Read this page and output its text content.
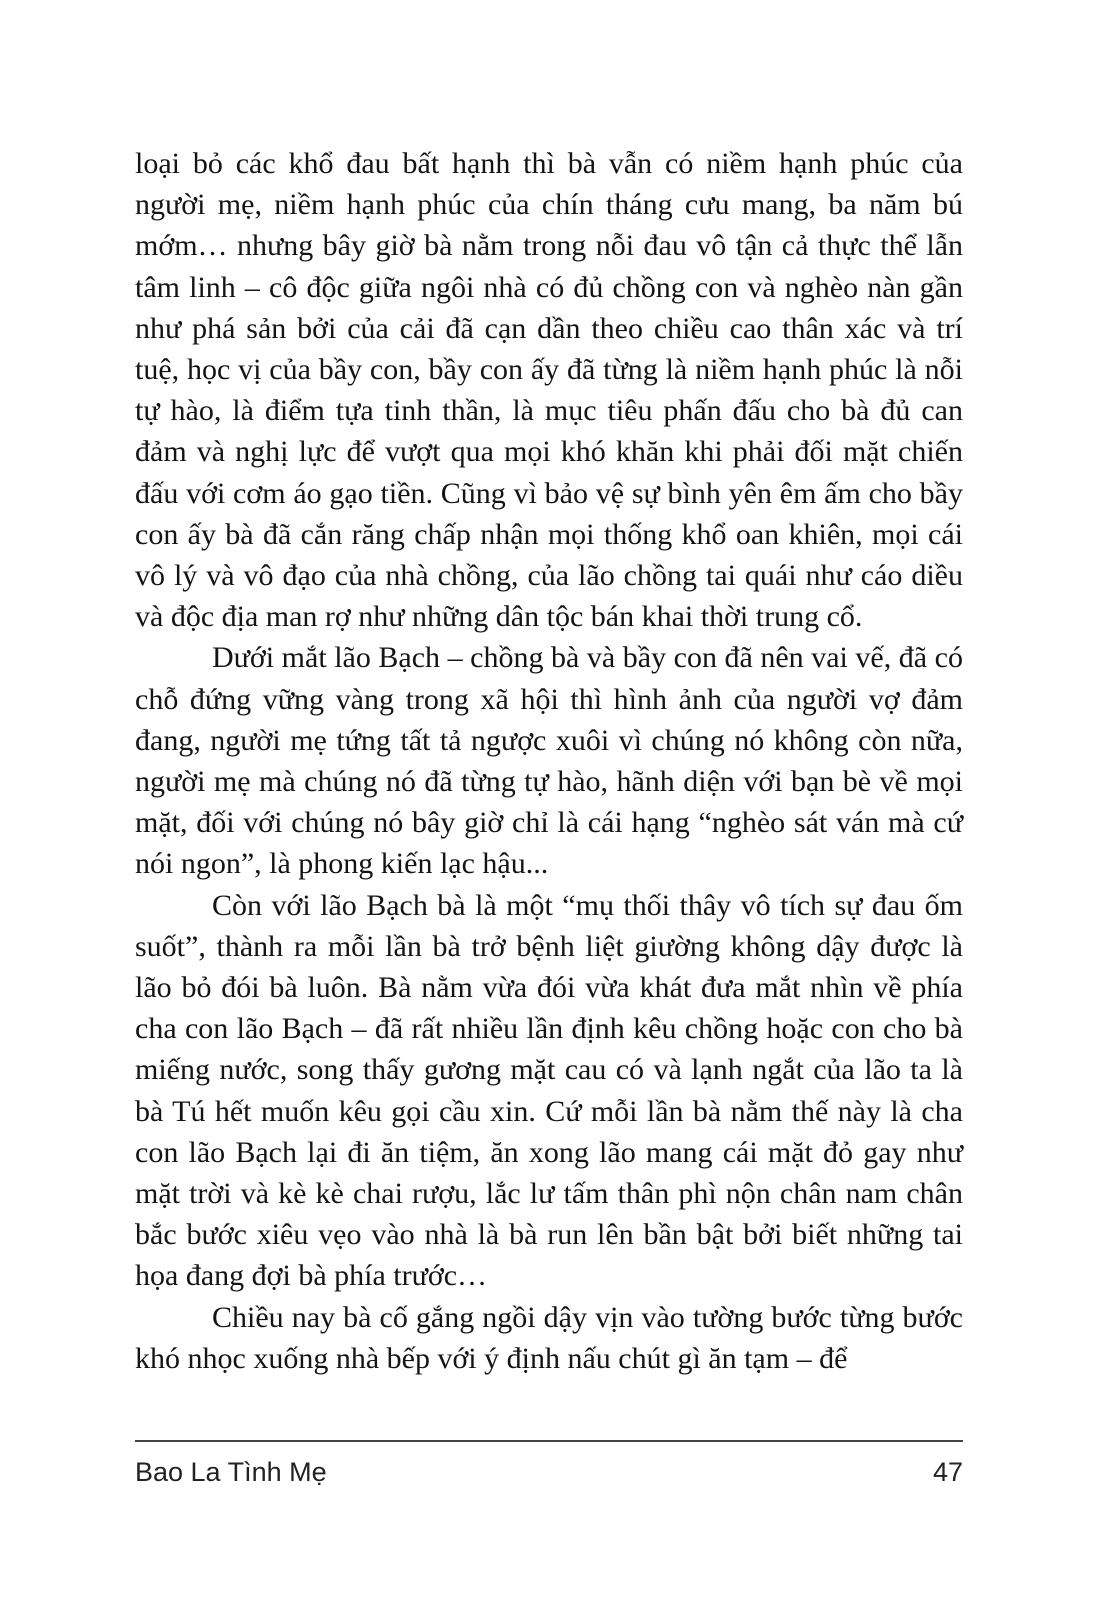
loại bỏ các khổ đau bất hạnh thì bà vẫn có niềm hạnh phúc của người mẹ, niềm hạnh phúc của chín tháng cưu mang, ba năm bú mớm… nhưng bây giờ bà nằm trong nỗi đau vô tận cả thực thể lẫn tâm linh – cô độc giữa ngôi nhà có đủ chồng con và nghèo nàn gần như phá sản bởi của cải đã cạn dần theo chiều cao thân xác và trí tuệ, học vị của bầy con, bầy con ấy đã từng là niềm hạnh phúc là nỗi tự hào, là điểm tựa tinh thần, là mục tiêu phấn đấu cho bà đủ can đảm và nghị lực để vượt qua mọi khó khăn khi phải đối mặt chiến đấu với cơm áo gạo tiền. Cũng vì bảo vệ sự bình yên êm ấm cho bầy con ấy bà đã cắn răng chấp nhận mọi thống khổ oan khiên, mọi cái vô lý và vô đạo của nhà chồng, của lão chồng tai quái như cáo diều và độc địa man rợ như những dân tộc bán khai thời trung cổ.

Dưới mắt lão Bạch – chồng bà và bầy con đã nên vai vế, đã có chỗ đứng vững vàng trong xã hội thì hình ảnh của người vợ đảm đang, người mẹ tứng tất tả ngược xuôi vì chúng nó không còn nữa, người mẹ mà chúng nó đã từng tự hào, hãnh diện với bạn bè về mọi mặt, đối với chúng nó bây giờ chỉ là cái hạng “nghèo sát ván mà cứ nói ngon”, là phong kiến lạc hậu...

Còn với lão Bạch bà là một “mụ thối thây vô tích sự đau ốm suốt”, thành ra mỗi lần bà trở bệnh liệt giường không dậy được là lão bỏ đói bà luôn. Bà nằm vừa đói vừa khát đưa mắt nhìn về phía cha con lão Bạch – đã rất nhiều lần định kêu chồng hoặc con cho bà miếng nước, song thấy gương mặt cau có và lạnh ngắt của lão ta là bà Tú hết muốn kêu gọi cầu xin. Cứ mỗi lần bà nằm thế này là cha con lão Bạch lại đi ăn tiệm, ăn xong lão mang cái mặt đỏ gay như mặt trời và kè kè chai rượu, lắc lư tấm thân phì nộn chân nam chân bắc bước xiêu vẹo vào nhà là bà run lên bần bật bởi biết những tai họa đang đợi bà phía trước…

Chiều nay bà cố gắng ngồi dậy vịn vào tường bước từng bước khó nhọc xuống nhà bếp với ý định nấu chút gì ăn tạm – để

Bao La Tình Mẹ	47
